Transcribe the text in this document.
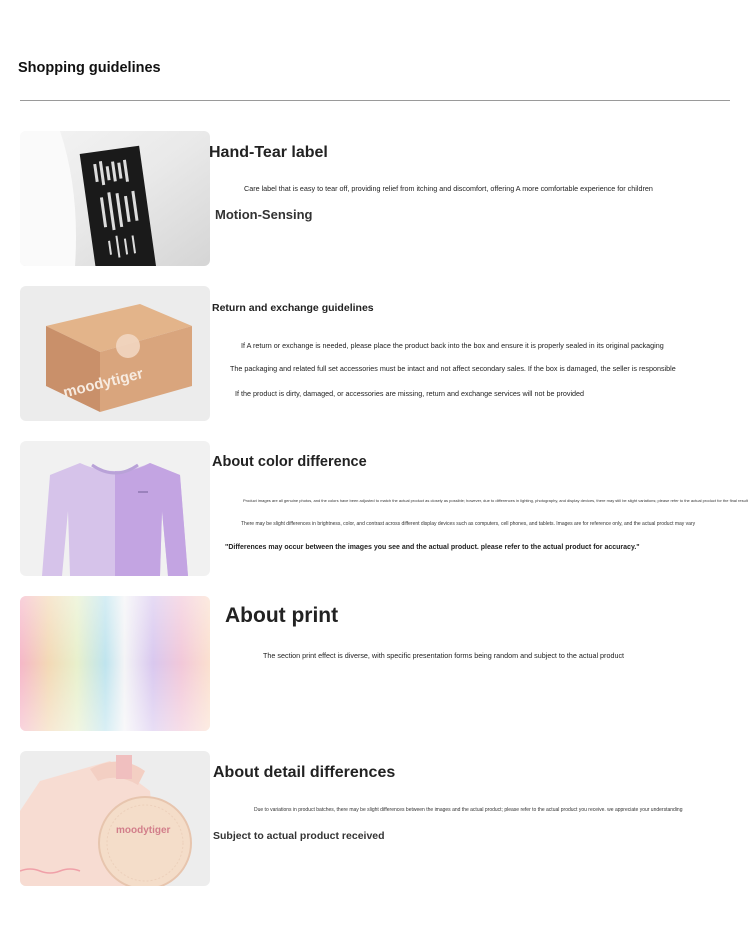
Shopping guidelines
Hand-Tear label
Care label that is easy to tear off, providing relief from itching and discomfort, offering A more comfortable experience for children
Motion-Sensing
moodytiger
Return and exchange guidelines
If A return or exchange is needed, please place the product back into the box and ensure it is properly sealed in its original packaging
The packaging and related full set accessories must be intact and not affect secondary sales. If the box is damaged, the seller is responsible
If the product is dirty, damaged, or accessories are missing, return and exchange services will not be provided
About color difference
Product images are all genuine photos, and the colors have been adjusted to match the actual product as closely as possible; however, due to differences in lighting, photography, and display devices, there may still be slight variations; please refer to the actual product for the final result
There may be slight differences in brightness, color, and contrast across different display devices such as computers, cell phones, and tablets. Images are for reference only, and the actual product may vary
"Differences may occur between the images you see and the actual product. please refer to the actual product for accuracy."
About print
The section print effect is diverse, with specific presentation forms being random and subject to the actual product
moodytiger
About detail differences
Due to variations in product batches, there may be slight differences between the images and the actual product; please refer to the actual product you receive. we appreciate your understanding
Subject to actual product received
